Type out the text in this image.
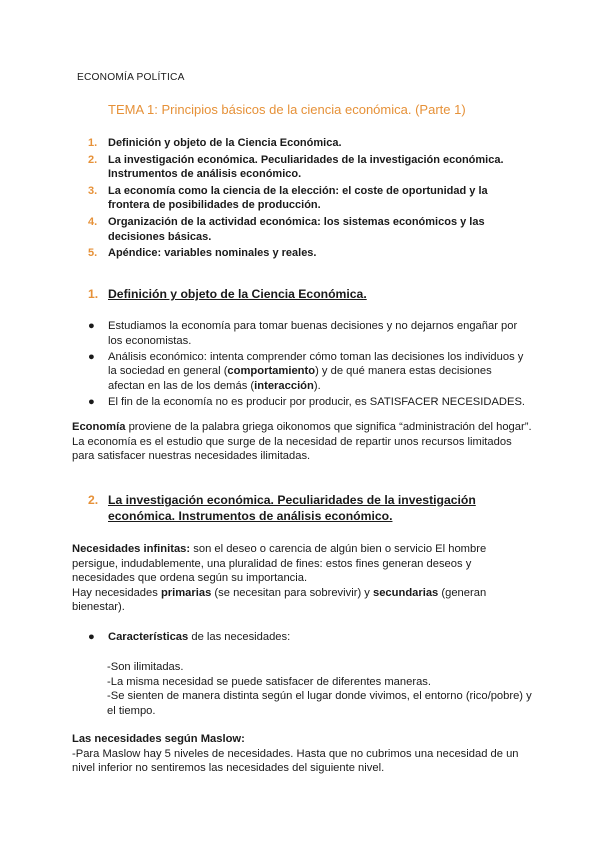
ECONOMÍA POLÍTICA
TEMA 1: Principios básicos de la ciencia económica. (Parte 1)
1. Definición y objeto de la Ciencia Económica.
2. La investigación económica. Peculiaridades de la investigación económica. Instrumentos de análisis económico.
3. La economía como la ciencia de la elección: el coste de oportunidad y la frontera de posibilidades de producción.
4. Organización de la actividad económica: los sistemas económicos y las decisiones básicas.
5. Apéndice: variables nominales y reales.
1. Definición y objeto de la Ciencia Económica.
● Estudiamos la economía para tomar buenas decisiones y no dejarnos engañar por los economistas.
● Análisis económico: intenta comprender cómo toman las decisiones los individuos y la sociedad en general (comportamiento) y de qué manera estas decisiones afectan en las de los demás (interacción).
● El fin de la economía no es producir por producir, es SATISFACER NECESIDADES.

Economía proviene de la palabra griega oikonomos que significa “administración del hogar”. La economía es el estudio que surge de la necesidad de repartir unos recursos limitados para satisfacer nuestras necesidades ilimitadas.

2. La investigación económica. Peculiaridades de la investigación económica. Instrumentos de análisis económico.

Necesidades infinitas: son el deseo o carencia de algún bien o servicio El hombre persigue, indudablemente, una pluralidad de fines: estos fines generan deseos y necesidades que ordena según su importancia.
Hay necesidades primarias (se necesitan para sobrevivir) y secundarias (generan bienestar).

● Características de las necesidades:
-Son ilimitadas.
-La misma necesidad se puede satisfacer de diferentes maneras.
-Se sienten de manera distinta según el lugar donde vivimos, el entorno (rico/pobre) y el tiempo.

Las necesidades según Maslow:
-Para Maslow hay 5 niveles de necesidades. Hasta que no cubrimos una necesidad de un nivel inferior no sentiremos las necesidades del siguiente nivel.
